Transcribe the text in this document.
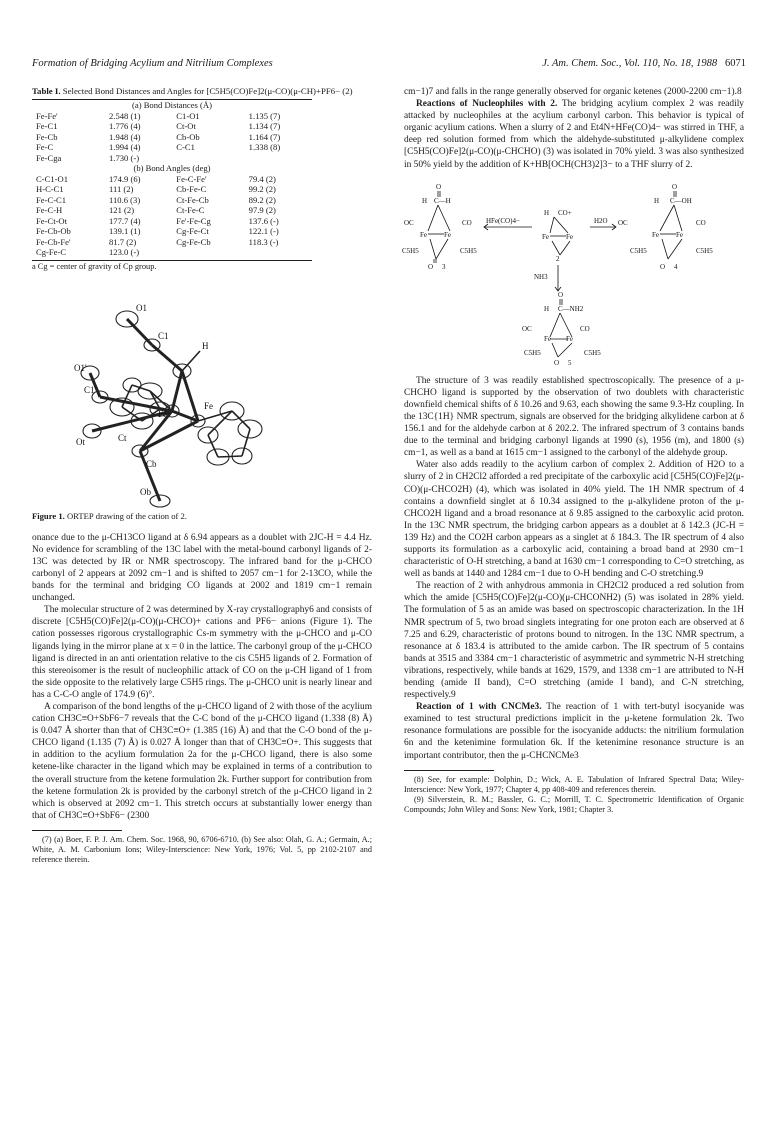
Formation of Bridging Acylium and Nitrilium Complexes	J. Am. Chem. Soc., Vol. 110, No. 18, 1988 6071

Table I. Selected Bond Distances and Angles for [C5H5(CO)Fe]2(μ-CO)(μ-CH)+PF6− (2)

(a) Bond Distances (Å)			
Fe-Fe'	2.548 (1)	C1-O1	1.135 (7)
Fe-C1	1.776 (4)	Ct-Ot	1.134 (7)
Fe-Cb	1.948 (4)	Cb-Ob	1.164 (7)
Fe-C	1.994 (4)	C-C1	1.338 (8)
Fe-Cga	1.730 (-)		
(b) Bond Angles (deg)			
C-C1-O1	174.9 (6)	Fe-C-Fe'	79.4 (2)
H-C-C1	111 (2)	Cb-Fe-C	99.2 (2)
Fe-C-C1	110.6 (3)	Ct-Fe-Cb	89.2 (2)
Fe-C-H	121 (2)	Ct-Fe-C	97.9 (2)
Fe-Ct-Ot	177.7 (4)	Fe'-Fe-Cg	137.6 (-)
Fe-Cb-Ob	139.1 (1)	Cg-Fe-Ct	122.1 (-)
Fe-Cb-Fe'	81.7 (2)	Cg-Fe-Cb	118.3 (-)
Cg-Fe-C	123.0 (-)		
a Cg = center of gravity of Cp group.
O1
C1
H
O1'
C1'
Fe
Fe
Ot	Ct
Cb
Ob

Figure 1. ORTEP drawing of the cation of 2.

onance due to the μ-CH13CO ligand at δ 6.94 appears as a doublet with 2JC-H = 4.4 Hz. No evidence for scrambling of the 13C label with the metal-bound carbonyl ligands of 2-13C was detected by IR or NMR spectroscopy. The infrared band for the μ-CHCO carbonyl of 2 appears at 2092 cm−1 and is shifted to 2057 cm−1 for 2-13CO, while the bands for the terminal and bridging CO ligands at 2002 and 1819 cm−1 remain unchanged.

The molecular structure of 2 was determined by X-ray crystallography6 and consists of discrete [C5H5(CO)Fe]2(μ-CO)(μ-CHCO)+ cations and PF6− anions (Figure 1). The cation possesses rigorous crystallographic Cs-m symmetry with the μ-CHCO and μ-CO ligands lying in the mirror plane at x = 0 in the lattice. The carbonyl group of the μ-CHCO ligand is directed in an anti orientation relative to the cis C5H5 ligands of 2. Formation of this stereoisomer is the result of nucleophilic attack of CO on the μ-CH ligand of 1 from the side opposite to the relatively large C5H5 rings. The μ-CHCO unit is nearly linear and has a C-C-O angle of 174.9 (6)°.

A comparison of the bond lengths of the μ-CHCO ligand of 2 with those of the acylium cation CH3C≡O+SbF6−7 reveals that the C-C bond of the μ-CHCO ligand (1.338 (8) Å) is 0.047 Å shorter than that of CH3C≡O+ (1.385 (16) Å) and that the C-O bond of the μ-CHCO ligand (1.135 (7) Å) is 0.027 Å longer than that of CH3C≡O+. This suggests that in addition to the acylium formulation 2a for the μ-CHCO ligand, there is also some ketene-like character in the ligand which may be explained in terms of a contribution to the overall structure from the ketene formulation 2k. Further support for contribution from the ketene formulation 2k is provided by the carbonyl stretch of the μ-CHCO ligand in 2 which is observed at 2092 cm−1. This stretch occurs at substantially lower energy than that of CH3C≡O+SbF6− (2300

(7) (a) Boer, F. P. J. Am. Chem. Soc. 1968, 90, 6706-6710. (b) See also: Olah, G. A.; Germain, A.; White, A. M. Carbonium Ions; Wiley-Interscience: New York, 1976; Vol. 5, pp 2102-2107 and reference therein.

cm−1)7 and falls in the range generally observed for organic ketenes (2000-2200 cm−1).8

Reactions of Nucleophiles with 2. The bridging acylium complex 2 was readily attacked by nucleophiles at the acylium carbonyl carbon. This behavior is typical of organic acylium cations. When a slurry of 2 and Et4N+HFe(CO)4− was stirred in THF, a deep red solution formed from which the aldehyde-substituted μ-alkylidene complex [C5H5(CO)Fe]2(μ-CO)(μ-CHCHO) (3) was isolated in 70% yield. 3 was also synthesized in 50% yield by the addition of K+HB[OCH(CH3)2]3− to a THF slurry of 2.

O
H C—H
OC	CO
Fe Fe
C5H5	C5H5
O 3
HFe(CO)4−
H CO+
Fe Fe
2
H2O
O
H C—OH
OC	CO
Fe Fe
C5H5	C5H5
O 4
NH3
O
H C—NH2
OC	CO
Fe Fe
C5H5	C5H5
O 5

The structure of 3 was readily established spectroscopically. The presence of a μ-CHCHO ligand is supported by the observation of two doublets with characteristic downfield chemical shifts of δ 10.26 and 9.63, each showing the same 9.3-Hz coupling. In the 13C{1H} NMR spectrum, signals are observed for the bridging alkylidene carbon at δ 156.1 and for the aldehyde carbon at δ 202.2. The infrared spectrum of 3 contains bands due to the terminal and bridging carbonyl ligands at 1990 (s), 1956 (m), and 1800 (s) cm−1, as well as a band at 1615 cm−1 assigned to the carbonyl of the aldehyde group.

Water also adds readily to the acylium carbon of complex 2. Addition of H2O to a slurry of 2 in CH2Cl2 afforded a red precipitate of the carboxylic acid [C5H5(CO)Fe]2(μ-CO)(μ-CHCO2H) (4), which was isolated in 40% yield. The 1H NMR spectrum of 4 contains a downfield singlet at δ 10.34 assigned to the μ-alkylidene proton of the μ-CHCO2H ligand and a broad resonance at δ 9.85 assigned to the carboxylic acid proton. In the 13C NMR spectrum, the bridging carbon appears as a doublet at δ 142.3 (JC-H = 139 Hz) and the CO2H carbon appears as a singlet at δ 184.3. The IR spectrum of 4 also supports its formulation as a carboxylic acid, containing a broad band at 2930 cm−1 characteristic of O-H stretching, a band at 1630 cm−1 corresponding to C=O stretching, as well as bands at 1440 and 1284 cm−1 due to O-H bending and C-O stretching.9

The reaction of 2 with anhydrous ammonia in CH2Cl2 produced a red solution from which the amide [C5H5(CO)Fe]2(μ-CO)(μ-CHCONH2) (5) was isolated in 28% yield. The formulation of 5 as an amide was based on spectroscopic characterization. In the 1H NMR spectrum of 5, two broad singlets integrating for one proton each are observed at δ 7.25 and 6.29, characteristic of protons bound to nitrogen. In the 13C NMR spectrum, a resonance at δ 183.4 is attributed to the amide carbon. The IR spectrum of 5 contains bands at 3515 and 3384 cm−1 characteristic of asymmetric and symmetric N-H stretching vibrations, respectively, while bands at 1629, 1579, and 1338 cm−1 are attributed to N-H bending (amide II band), C=O stretching (amide I band), and C-N stretching, respectively.9

Reaction of 1 with CNCMe3. The reaction of 1 with tert-butyl isocyanide was examined to test structural predictions implicit in the μ-ketene formulation 2k. Two resonance formulations are possible for the isocyanide adducts: the nitrilium formulation 6n and the ketenimine formulation 6k. If the ketenimine resonance structure is an important contributor, then the μ-CHCNCMe3

(8) See, for example: Dolphin, D.; Wick, A. E. Tabulation of Infrared Spectral Data; Wiley-Interscience: New York, 1977; Chapter 4, pp 408-409 and references therein.

(9) Silverstein, R. M.; Bassler, G. C.; Morrill, T. C. Spectrometric Identification of Organic Compounds; John Wiley and Sons: New York, 1981; Chapter 3.
